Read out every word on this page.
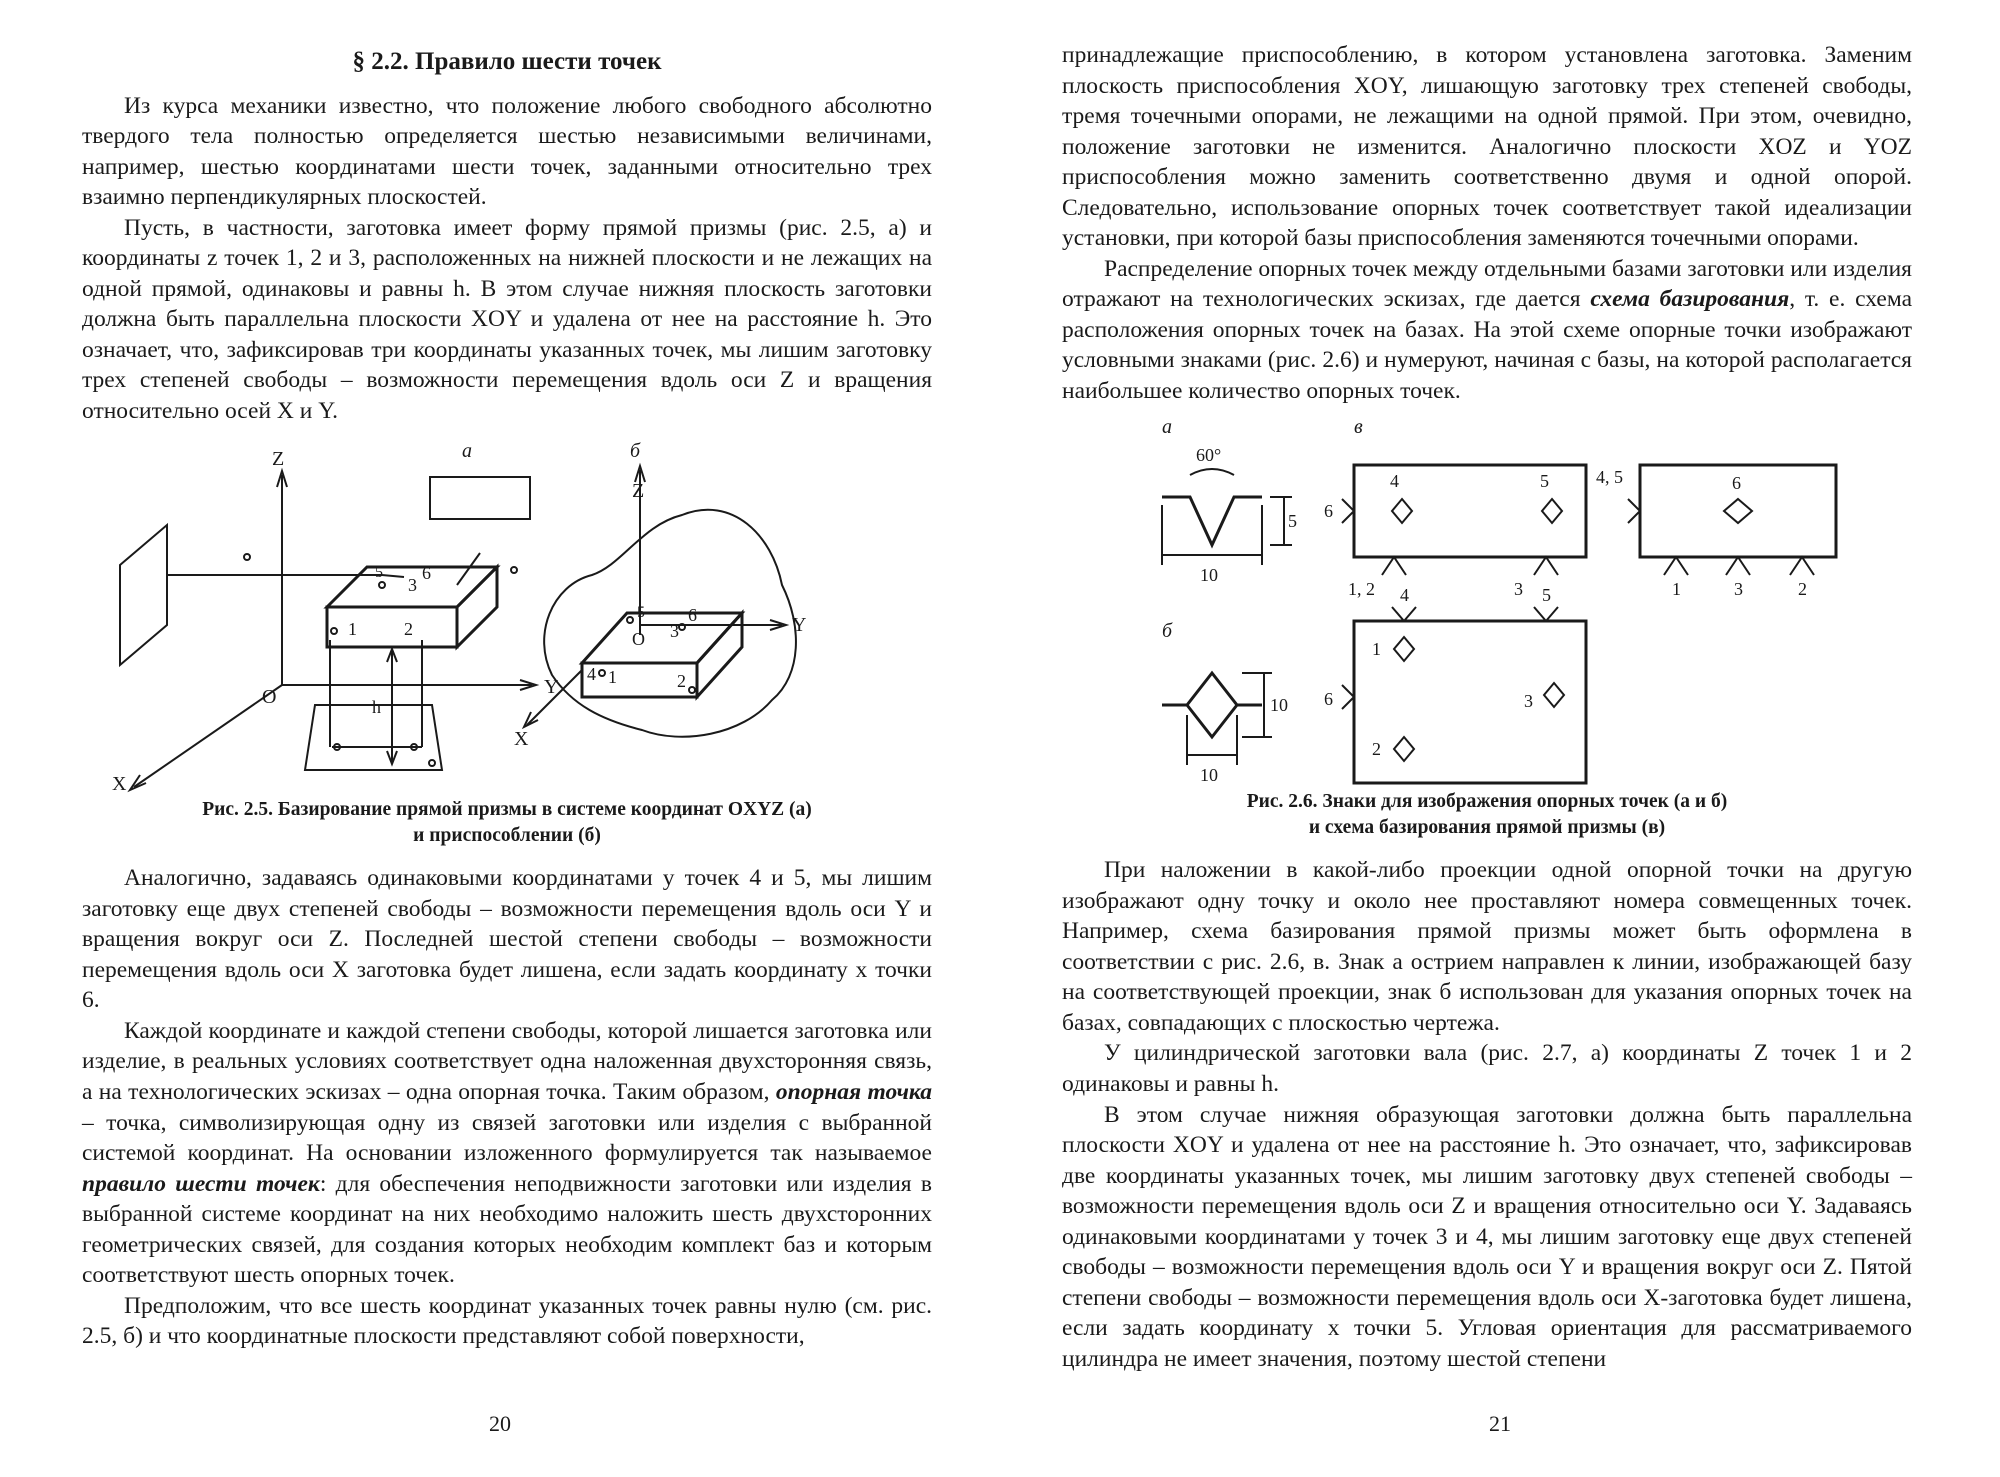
§ 2.2. Правило шести точек

Из курса механики известно, что положение любого свободного абсолютно твердого тела полностью определяется шестью независимыми величинами, например, шестью координатами шести точек, заданными относительно трех взаимно перпендикулярных плоскостей.

Пусть, в частности, заготовка имеет форму прямой призмы (рис. 2.5, а) и координаты z точек 1, 2 и 3, расположенных на нижней плоскости и не лежащих на одной прямой, одинаковы и равны h. В этом случае нижняя плоскость заготовки должна быть параллельна плоскости XOY и удалена от нее на расстояние h. Это означает, что, зафиксировав три координаты указанных точек, мы лишим заготовку трех степеней свободы – возможности перемещения вдоль оси Z и вращения относительно осей X и Y.

а
Z
Y
X
O	h
1	2
3
5 6
б
Z
Y
X
O
1	2
3
4
5 6
Рис. 2.5. Базирование прямой призмы в системе координат OXYZ (а)
и приспособлении (б)

Аналогично, задаваясь одинаковыми координатами у точек 4 и 5, мы лишим заготовку еще двух степеней свободы – возможности перемещения вдоль оси Y и вращения вокруг оси Z. Последней шестой степени свободы – возможности перемещения вдоль оси X заготовка будет лишена, если задать координату x точки 6.

Каждой координате и каждой степени свободы, которой лишается заготовка или изделие, в реальных условиях соответствует одна наложенная двухсторонняя связь, а на технологических эскизах – одна опорная точка. Таким образом, опорная точка – точка, символизирующая одну из связей заготовки или изделия с выбранной системой координат. На основании изложенного формулируется так называемое правило шести точек: для обеспечения неподвижности заготовки или изделия в выбранной системе координат на них необходимо наложить шесть двухсторонних геометрических связей, для создания которых необходим комплект баз и которым соответствуют шесть опорных точек.

Предположим, что все шесть координат указанных точек равны нулю (см. рис. 2.5, б) и что координатные плоскости представляют собой поверхности,

20

принадлежащие приспособлению, в котором установлена заготовка. Заменим плоскость приспособления XOY, лишающую заготовку трех степеней свободы, тремя точечными опорами, не лежащими на одной прямой. При этом, очевидно, положение заготовки не изменится. Аналогично плоскости XOZ и YOZ приспособления можно заменить соответственно двумя и одной опорой. Следовательно, использование опорных точек соответствует такой идеализации установки, при которой базы приспособления заменяются точечными опорами.

Распределение опорных точек между отдельными базами заготовки или изделия отражают на технологических эскизах, где дается схема базирования, т. е. схема расположения опорных точек на базах. На этой схеме опорные точки изображают условными знаками (рис. 2.6) и нумеруют, начиная с базы, на которой располагается наибольшее количество опорных точек.

а
б
в
60°
10
5
10
10
6
4	5
1, 2	3
4, 5	6
1	3	2
4	5
1
6	3
2
Рис. 2.6. Знаки для изображения опорных точек (а и б)
и схема базирования прямой призмы (в)

При наложении в какой-либо проекции одной опорной точки на другую изображают одну точку и около нее проставляют номера совмещенных точек. Например, схема базирования прямой призмы может быть оформлена в соответствии с рис. 2.6, в. Знак а острием направлен к линии, изображающей базу на соответствующей проекции, знак б использован для указания опорных точек на базах, совпадающих с плоскостью чертежа.

У цилиндрической заготовки вала (рис. 2.7, а) координаты Z точек 1 и 2 одинаковы и равны h.

В этом случае нижняя образующая заготовки должна быть параллельна плоскости XOY и удалена от нее на расстояние h. Это означает, что, зафиксировав две координаты указанных точек, мы лишим заготовку двух степеней свободы – возможности перемещения вдоль оси Z и вращения относительно оси Y. Задаваясь одинаковыми координатами у точек 3 и 4, мы лишим заготовку еще двух степеней свободы – возможности перемещения вдоль оси Y и вращения вокруг оси Z. Пятой степени свободы – возможности перемещения вдоль оси X-заготовка будет лишена, если задать координату x точки 5. Угловая ориентация для рассматриваемого цилиндра не имеет значения, поэтому шестой степени

21
